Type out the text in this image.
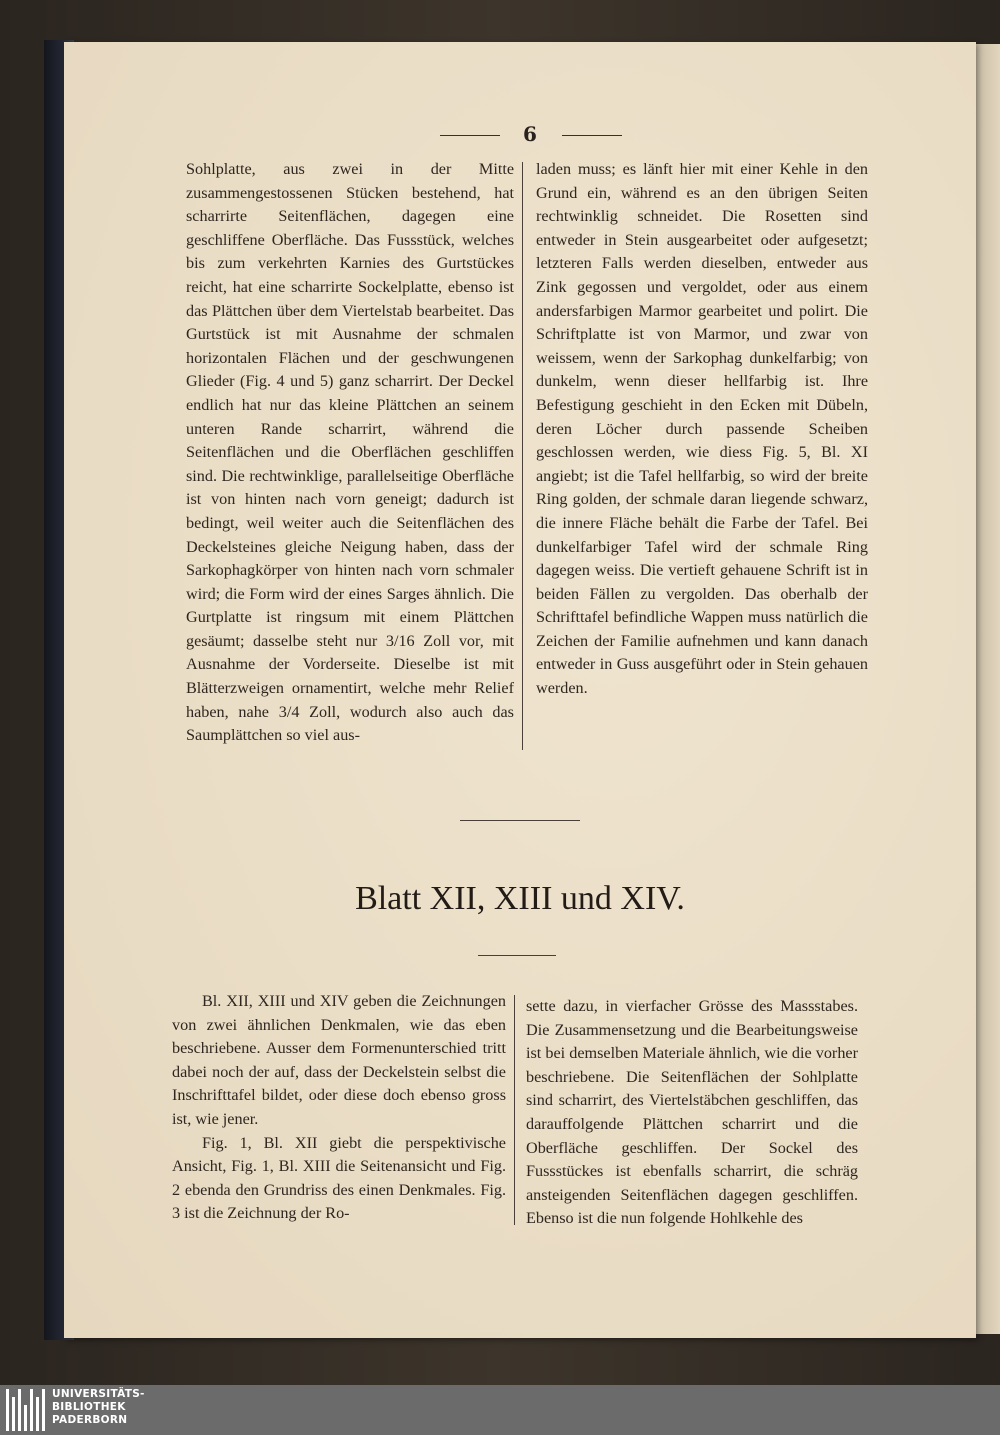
6

Sohlplatte, aus zwei in der Mitte zusammengestossenen Stücken bestehend, hat scharrirte Seitenflächen, dagegen eine geschliffene Oberfläche. Das Fussstück, welches bis zum verkehrten Karnies des Gurtstückes reicht, hat eine scharrirte Sockelplatte, ebenso ist das Plättchen über dem Viertelstab bearbeitet. Das Gurtstück ist mit Ausnahme der schmalen horizontalen Flächen und der geschwungenen Glieder (Fig. 4 und 5) ganz scharrirt. Der Deckel endlich hat nur das kleine Plättchen an seinem unteren Rande scharrirt, während die Seitenflächen und die Oberflächen geschliffen sind. Die rechtwinklige, parallelseitige Oberfläche ist von hinten nach vorn geneigt; dadurch ist bedingt, weil weiter auch die Seitenflächen des Deckelsteines gleiche Neigung haben, dass der Sarkophagkörper von hinten nach vorn schmaler wird; die Form wird der eines Sarges ähnlich. Die Gurtplatte ist ringsum mit einem Plättchen gesäumt; dasselbe steht nur 3/16 Zoll vor, mit Ausnahme der Vorderseite. Dieselbe ist mit Blätterzweigen ornamentirt, welche mehr Relief haben, nahe 3/4 Zoll, wodurch also auch das Saumplättchen so viel aus-

laden muss; es länft hier mit einer Kehle in den Grund ein, während es an den übrigen Seiten rechtwinklig schneidet. Die Rosetten sind entweder in Stein ausgearbeitet oder aufgesetzt; letzteren Falls werden dieselben, entweder aus Zink gegossen und vergoldet, oder aus einem andersfarbigen Marmor gearbeitet und polirt. Die Schriftplatte ist von Marmor, und zwar von weissem, wenn der Sarkophag dunkelfarbig; von dunkelm, wenn dieser hellfarbig ist. Ihre Befestigung geschieht in den Ecken mit Dübeln, deren Löcher durch passende Scheiben geschlossen werden, wie diess Fig. 5, Bl. XI angiebt; ist die Tafel hellfarbig, so wird der breite Ring golden, der schmale daran liegende schwarz, die innere Fläche behält die Farbe der Tafel. Bei dunkelfarbiger Tafel wird der schmale Ring dagegen weiss. Die vertieft gehauene Schrift ist in beiden Fällen zu vergolden. Das oberhalb der Schrifttafel befindliche Wappen muss natürlich die Zeichen der Familie aufnehmen und kann danach entweder in Guss ausgeführt oder in Stein gehauen werden.

Blatt XII, XIII und XIV.

Bl. XII, XIII und XIV geben die Zeichnungen von zwei ähnlichen Denkmalen, wie das eben beschriebene. Ausser dem Formenunterschied tritt dabei noch der auf, dass der Deckelstein selbst die Inschrifttafel bildet, oder diese doch ebenso gross ist, wie jener.

Fig. 1, Bl. XII giebt die perspektivische Ansicht, Fig. 1, Bl. XIII die Seitenansicht und Fig. 2 ebenda den Grundriss des einen Denkmales. Fig. 3 ist die Zeichnung der Ro-

sette dazu, in vierfacher Grösse des Massstabes. Die Zusammensetzung und die Bearbeitungsweise ist bei demselben Materiale ähnlich, wie die vorher beschriebene. Die Seitenflächen der Sohlplatte sind scharrirt, des Viertelstäbchen geschliffen, das darauffolgende Plättchen scharrirt und die Oberfläche geschliffen. Der Sockel des Fussstückes ist ebenfalls scharrirt, die schräg ansteigenden Seitenflächen dagegen geschliffen. Ebenso ist die nun folgende Hohlkehle des

UNIVERSITÄTS-
BIBLIOTHEK
PADERBORN
